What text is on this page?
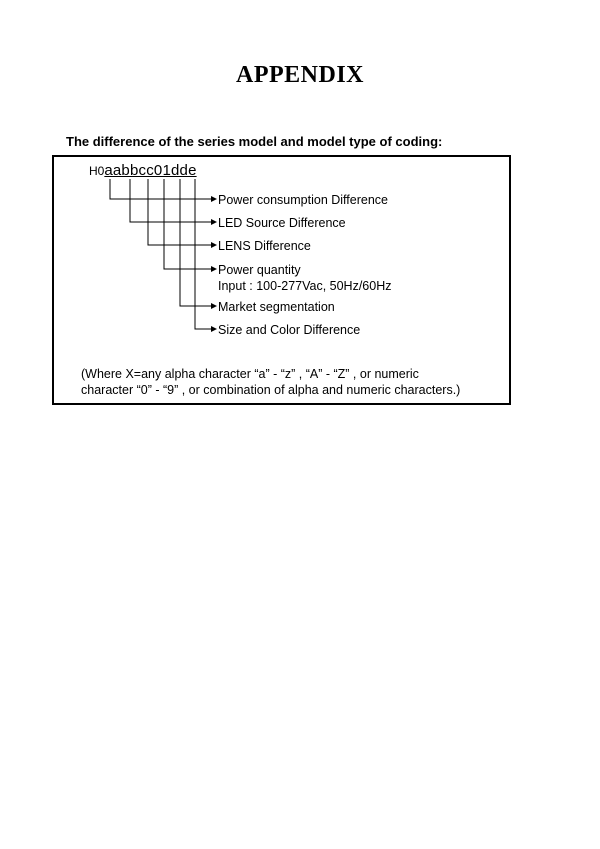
APPENDIX

The difference of the series model and model type of coding:

H0aabbcc01dde
Power consumption Difference
LED Source Difference
LENS Difference
Power quantity
Input : 100-277Vac, 50Hz/60Hz
Market segmentation
Size and Color Difference
(Where X=any alpha character “a” - “z” , “A” - “Z” , or numeric
character “0” - “9” , or combination of alpha and numeric characters.)
